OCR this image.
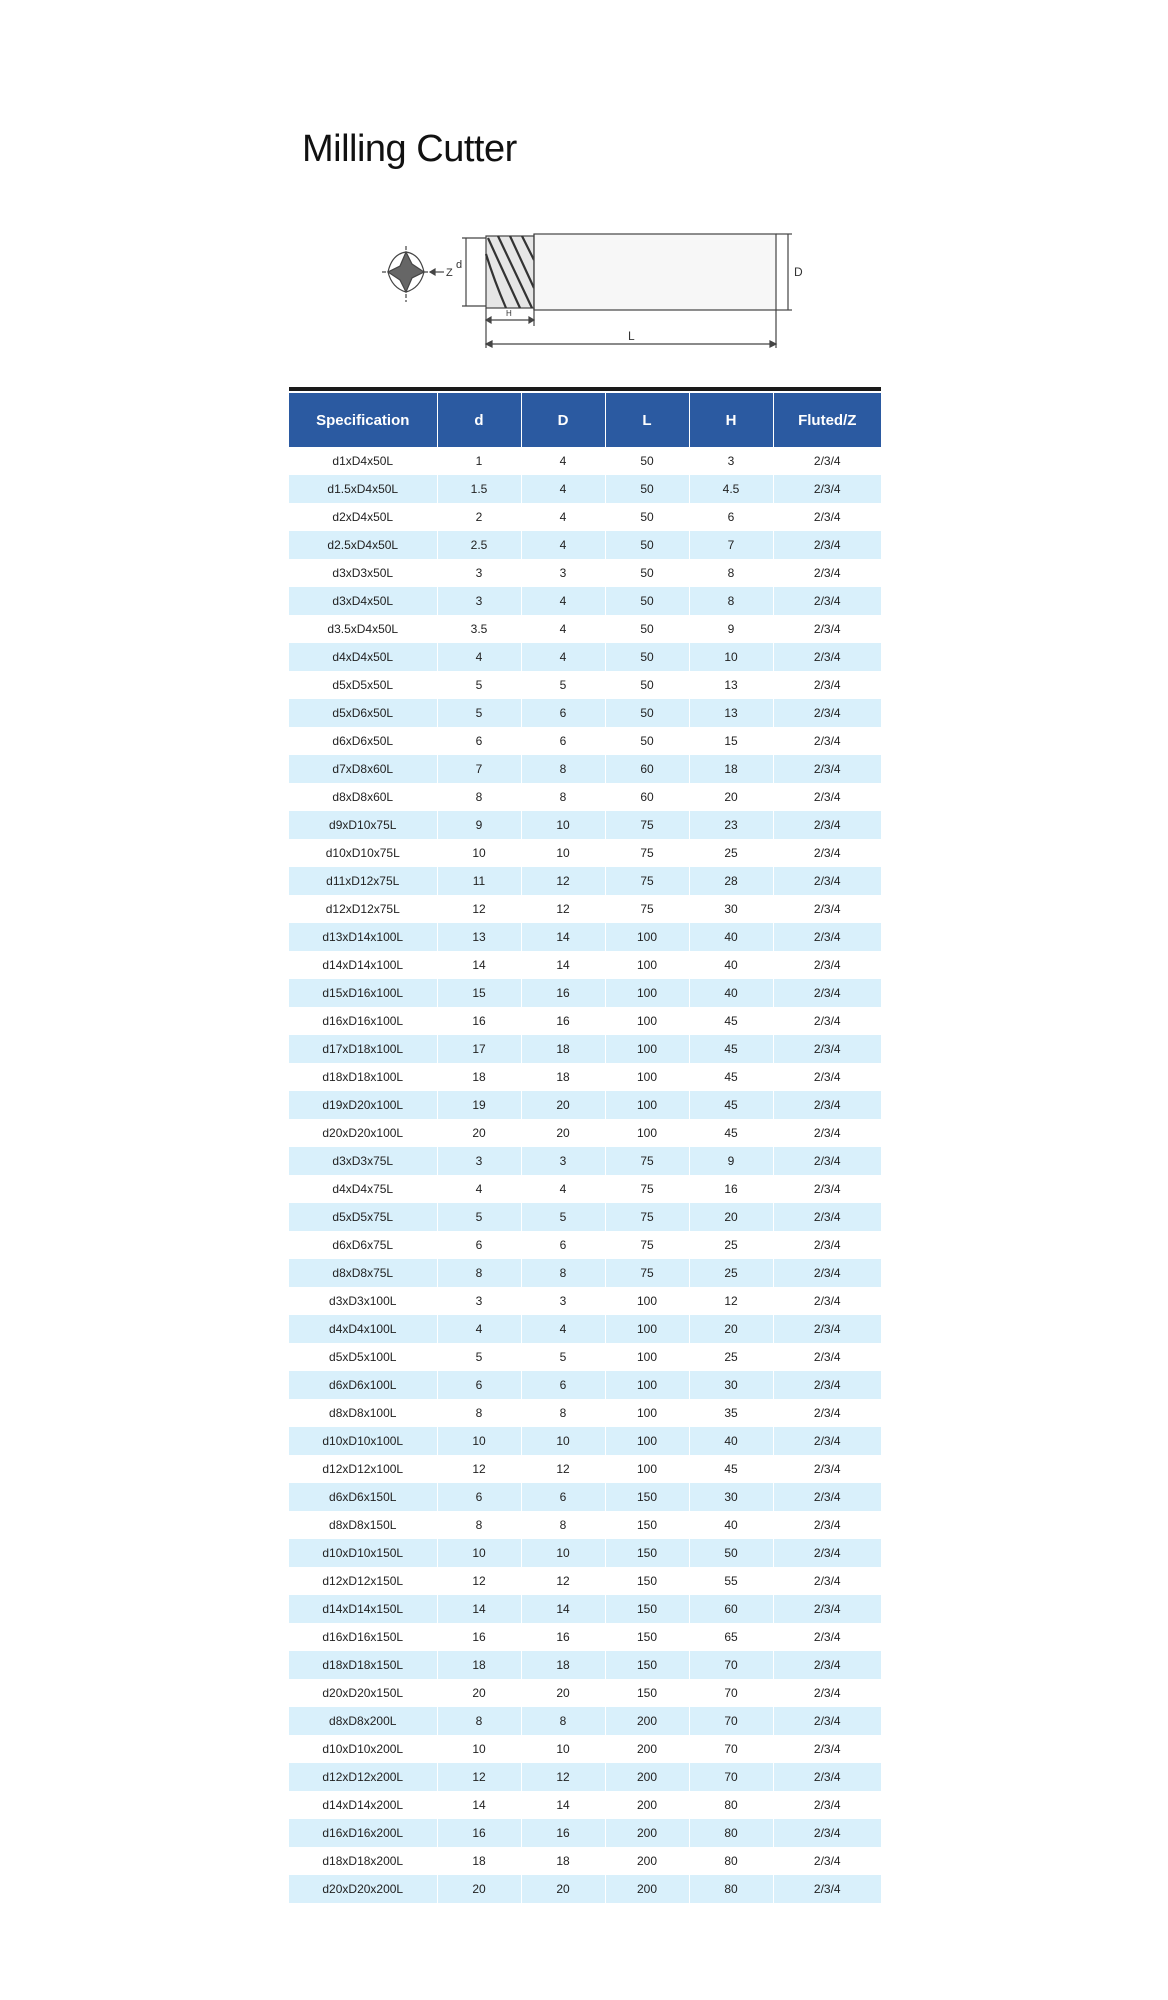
Milling Cutter
Z
d	D
H
L
Specification	d	D	L	H	Fluted/Z
d1xD4x50L	1	4	50	3	2/3/4
d1.5xD4x50L	1.5	4	50	4.5	2/3/4
d2xD4x50L	2	4	50	6	2/3/4
d2.5xD4x50L	2.5	4	50	7	2/3/4
d3xD3x50L	3	3	50	8	2/3/4
d3xD4x50L	3	4	50	8	2/3/4
d3.5xD4x50L	3.5	4	50	9	2/3/4
d4xD4x50L	4	4	50	10	2/3/4
d5xD5x50L	5	5	50	13	2/3/4
d5xD6x50L	5	6	50	13	2/3/4
d6xD6x50L	6	6	50	15	2/3/4
d7xD8x60L	7	8	60	18	2/3/4
d8xD8x60L	8	8	60	20	2/3/4
d9xD10x75L	9	10	75	23	2/3/4
d10xD10x75L	10	10	75	25	2/3/4
d11xD12x75L	11	12	75	28	2/3/4
d12xD12x75L	12	12	75	30	2/3/4
d13xD14x100L	13	14	100	40	2/3/4
d14xD14x100L	14	14	100	40	2/3/4
d15xD16x100L	15	16	100	40	2/3/4
d16xD16x100L	16	16	100	45	2/3/4
d17xD18x100L	17	18	100	45	2/3/4
d18xD18x100L	18	18	100	45	2/3/4
d19xD20x100L	19	20	100	45	2/3/4
d20xD20x100L	20	20	100	45	2/3/4
d3xD3x75L	3	3	75	9	2/3/4
d4xD4x75L	4	4	75	16	2/3/4
d5xD5x75L	5	5	75	20	2/3/4
d6xD6x75L	6	6	75	25	2/3/4
d8xD8x75L	8	8	75	25	2/3/4
d3xD3x100L	3	3	100	12	2/3/4
d4xD4x100L	4	4	100	20	2/3/4
d5xD5x100L	5	5	100	25	2/3/4
d6xD6x100L	6	6	100	30	2/3/4
d8xD8x100L	8	8	100	35	2/3/4
d10xD10x100L	10	10	100	40	2/3/4
d12xD12x100L	12	12	100	45	2/3/4
d6xD6x150L	6	6	150	30	2/3/4
d8xD8x150L	8	8	150	40	2/3/4
d10xD10x150L	10	10	150	50	2/3/4
d12xD12x150L	12	12	150	55	2/3/4
d14xD14x150L	14	14	150	60	2/3/4
d16xD16x150L	16	16	150	65	2/3/4
d18xD18x150L	18	18	150	70	2/3/4
d20xD20x150L	20	20	150	70	2/3/4
d8xD8x200L	8	8	200	70	2/3/4
d10xD10x200L	10	10	200	70	2/3/4
d12xD12x200L	12	12	200	70	2/3/4
d14xD14x200L	14	14	200	80	2/3/4
d16xD16x200L	16	16	200	80	2/3/4
d18xD18x200L	18	18	200	80	2/3/4
d20xD20x200L	20	20	200	80	2/3/4
